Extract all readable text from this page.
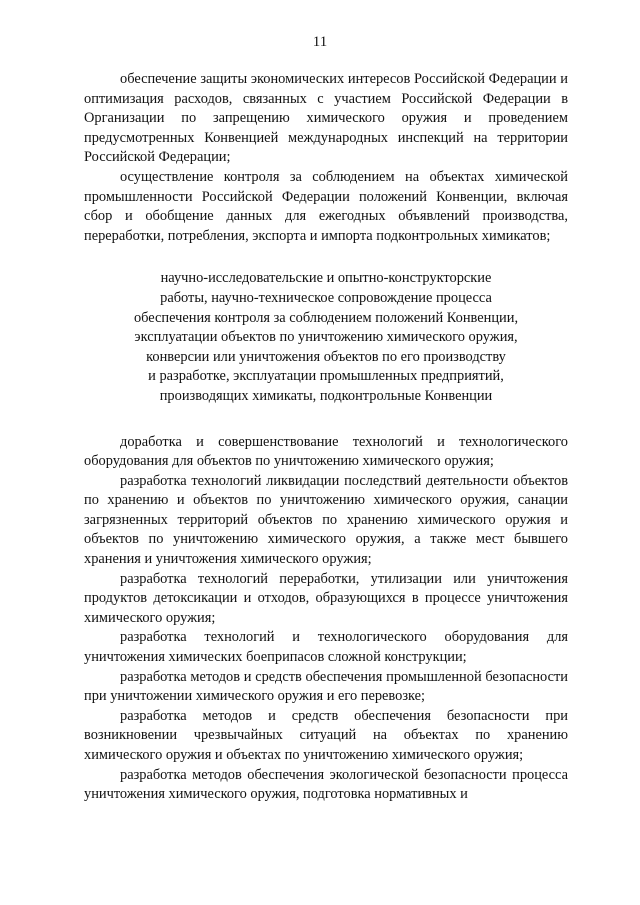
11

обеспечение защиты экономических интересов Российской Федерации и оптимизация расходов, связанных с участием Российской Федерации в Организации по запрещению химического оружия и проведением предусмотренных Конвенцией международных инспекций на территории Российской Федерации;

осуществление контроля за соблюдением на объектах химической промышленности Российской Федерации положений Конвенции, включая сбор и обобщение данных для ежегодных объявлений производства, переработки, потребления, экспорта и импорта подконтрольных химикатов;

научно-исследовательские и опытно-конструкторские
работы, научно-техническое сопровождение процесса
обеспечения контроля за соблюдением положений Конвенции,
эксплуатации объектов по уничтожению химического оружия,
конверсии или уничтожения объектов по его производству
и разработке, эксплуатации промышленных предприятий,
производящих химикаты, подконтрольные Конвенции

доработка и совершенствование технологий и технологического оборудования для объектов по уничтожению химического оружия;

разработка технологий ликвидации последствий деятельности объектов по хранению и объектов по уничтожению химического оружия, санации загрязненных территорий объектов по хранению химического оружия и объектов по уничтожению химического оружия, а также мест бывшего хранения и уничтожения химического оружия;

разработка технологий переработки, утилизации или уничтожения продуктов детоксикации и отходов, образующихся в процессе уничтожения химического оружия;

разработка технологий и технологического оборудования для уничтожения химических боеприпасов сложной конструкции;

разработка методов и средств обеспечения промышленной безопасности при уничтожении химического оружия и его перевозке;

разработка методов и средств обеспечения безопасности при возникновении чрезвычайных ситуаций на объектах по хранению химического оружия и объектах по уничтожению химического оружия;

разработка методов обеспечения экологической безопасности процесса уничтожения химического оружия, подготовка нормативных и
